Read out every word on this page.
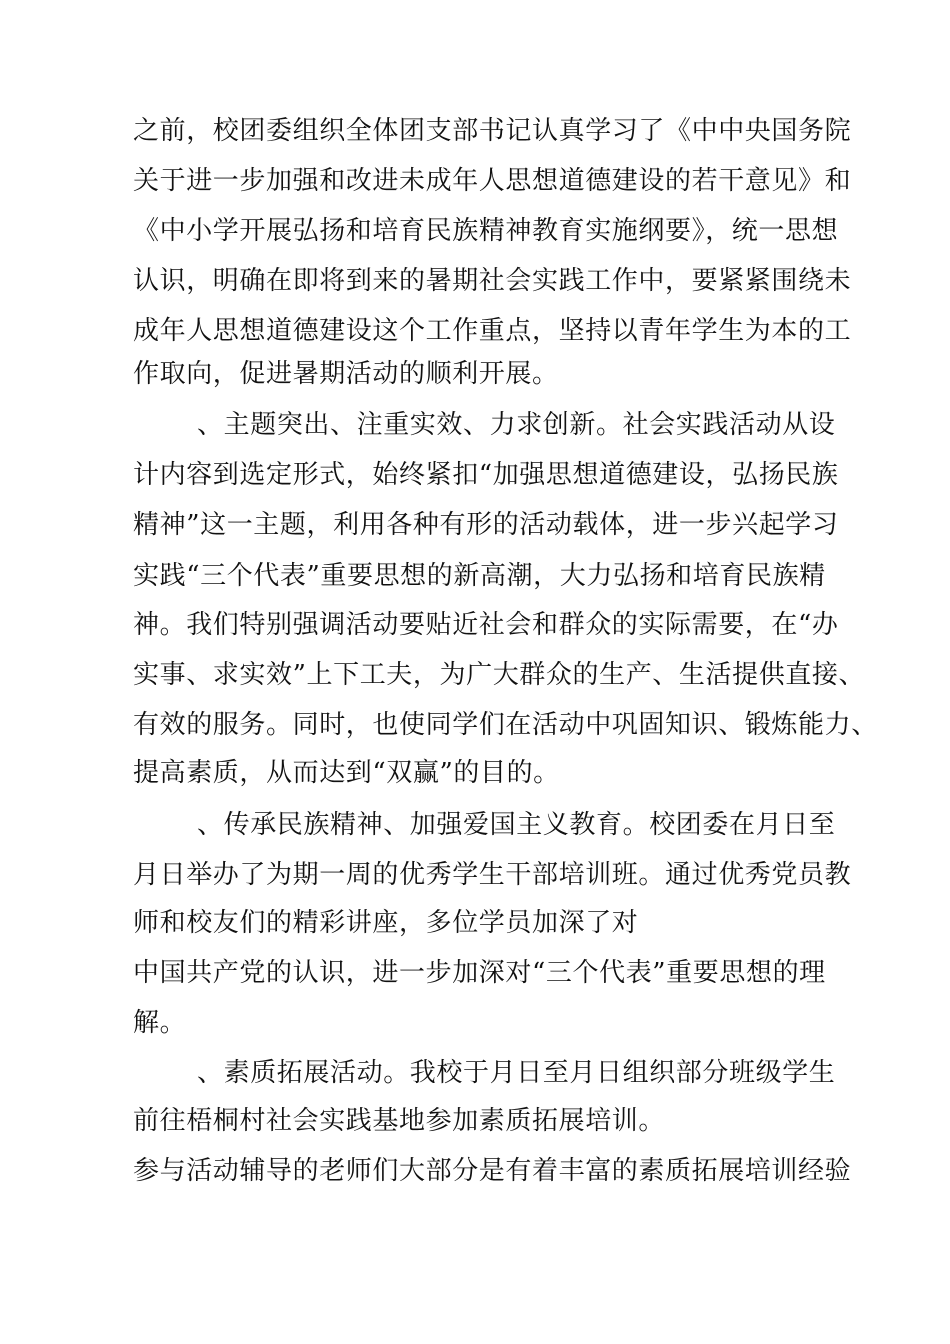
之前，校团委组织全体团支部书记认真学习了《中中央国务院
关于进一步加强和改进未成年人思想道德建设的若干意见》和
《中小学开展弘扬和培育民族精神教育实施纲要》，统一思想
认识，明确在即将到来的暑期社会实践工作中，要紧紧围绕未
成年人思想道德建设这个工作重点，坚持以青年学生为本的工
作取向，促进暑期活动的顺利开展。
、主题突出、注重实效、力求创新。社会实践活动从设
计内容到选定形式，始终紧扣“加强思想道德建设，弘扬民族
精神”这一主题，利用各种有形的活动载体，进一步兴起学习
实践“三个代表”重要思想的新高潮，大力弘扬和培育民族精
神。我们特别强调活动要贴近社会和群众的实际需要，在“办
实事、求实效”上下工夫，为广大群众的生产、生活提供直接、
有效的服务。同时，也使同学们在活动中巩固知识、锻炼能力、
提高素质，从而达到“双赢”的目的。
、传承民族精神、加强爱国主义教育。校团委在月日至
月日举办了为期一周的优秀学生干部培训班。通过优秀党员教
师和校友们的精彩讲座，多位学员加深了对
中国共产党的认识，进一步加深对“三个代表”重要思想的理
解。
、素质拓展活动。我校于月日至月日组织部分班级学生
前往梧桐村社会实践基地参加素质拓展培训。
参与活动辅导的老师们大部分是有着丰富的素质拓展培训经验
